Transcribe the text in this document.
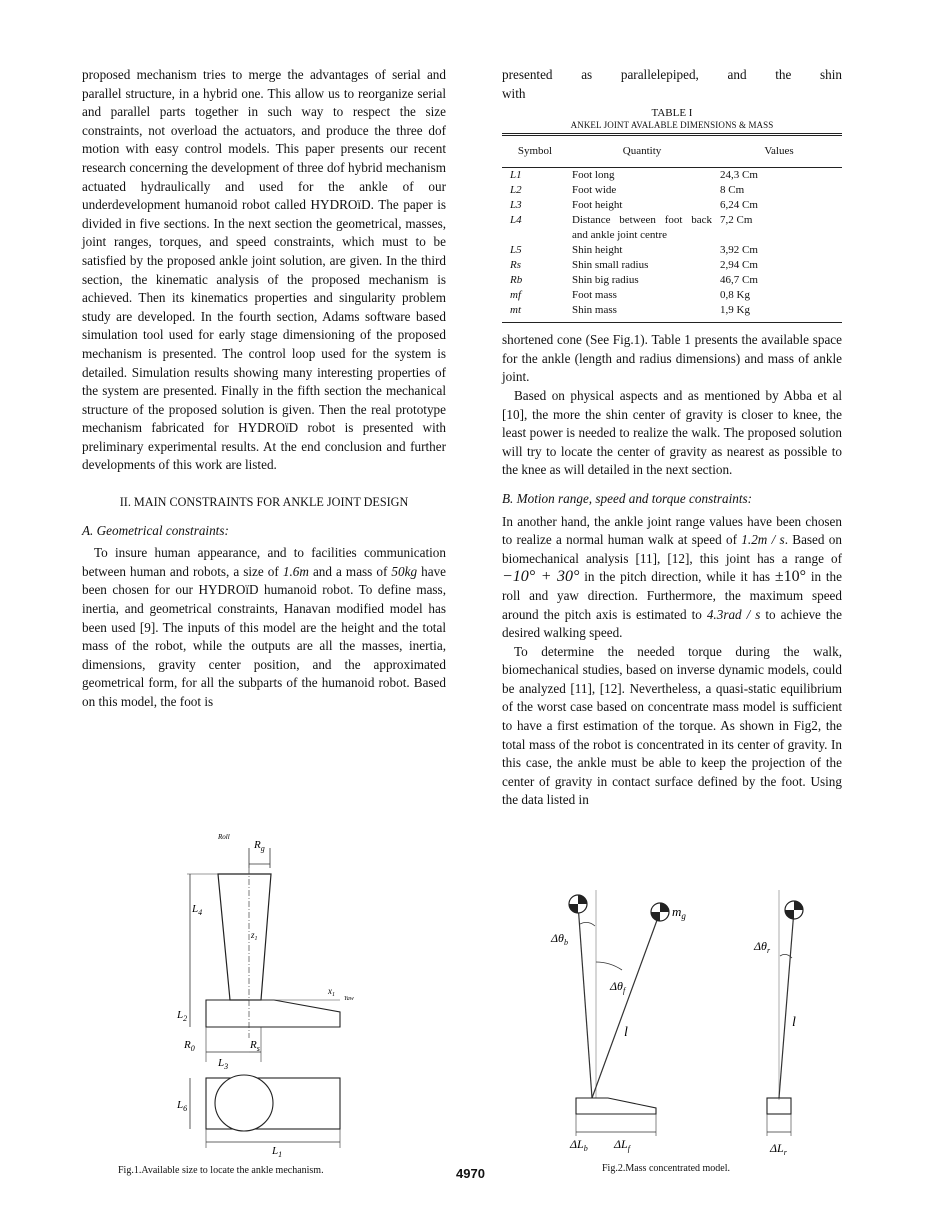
proposed mechanism tries to merge the advantages of serial and parallel structure, in a hybrid one. This allow us to reorganize serial and parallel parts together in such way to respect the size constraints, not overload the actuators, and produce the three dof motion with easy control models. This paper presents our recent research concerning the development of three dof hybrid mechanism actuated hydraulically and used for the ankle of our underdevelopment humanoid robot called HYDROïD. The paper is divided in five sections. In the next section the geometrical, masses, joint ranges, torques, and speed constraints, which must to be satisfied by the proposed ankle joint solution, are given. In the third section, the kinematic analysis of the proposed mechanism is achieved. Then its kinematics properties and singularity problem study are developed. In the fourth section, Adams software based simulation tool used for early stage dimensioning of the proposed mechanism is presented. The control loop used for the system is detailed. Simulation results showing many interesting properties of the system are presented. Finally in the fifth section the mechanical structure of the proposed solution is given. Then the real prototype mechanism fabricated for HYDROïD robot is presented with preliminary experimental results. At the end conclusion and further developments of this work are listed.

II. MAIN CONSTRAINTS FOR ANKLE JOINT DESIGN

A. Geometrical constraints:

To insure human appearance, and to facilities communication between human and robots, a size of 1.6m and a mass of 50kg have been chosen for our HYDROïD humanoid robot. To define mass, inertia, and geometrical constraints, Hanavan modified model has been used [9]. The inputs of this model are the height and the total mass of the robot, while the outputs are all the masses, inertia, dimensions, gravity center position, and the approximated geometrical form, for all the subparts of the humanoid robot. Based on this model, the foot is

presented as parallelepiped, and the shin with

TABLE I
ANKEL JOINT AVALABLE DIMENSIONS & MASS
Symbol	Quantity	Values
L1	Foot long	24,3 Cm
L2	Foot wide	8 Cm
L3	Foot height	6,24 Cm
L4	Distance between foot back and ankle joint centre	7,2 Cm
L5	Shin height	3,92 Cm
Rs	Shin small radius	2,94 Cm
Rb	Shin big radius	46,7 Cm
mf	Foot mass	0,8 Kg
mt	Shin mass	1,9 Kg

shortened cone (See Fig.1). Table 1 presents the available space for the ankle (length and radius dimensions) and mass of ankle joint.

Based on physical aspects and as mentioned by Abba et al [10], the more the shin center of gravity is closer to knee, the least power is needed to realize the walk. The proposed solution will try to locate the center of gravity as nearest as possible to the knee as will detailed in the next section.

B. Motion range, speed and torque constraints:

In another hand, the ankle joint range values have been chosen to realize a normal human walk at speed of 1.2m / s. Based on biomechanical analysis [11], [12], this joint has a range of −10° + 30° in the pitch direction, while it has ±10° in the roll and yaw direction. Furthermore, the maximum speed around the pitch axis is estimated to 4.3rad / s to achieve the desired walking speed.

To determine the needed torque during the walk, biomechanical studies, based on inverse dynamic models, could be analyzed [11], [12]. Nevertheless, a quasi-static equilibrium of the worst case based on concentrate mass model is sufficient to have a first estimation of the torque. As shown in Fig2, the total mass of the robot is concentrated in its center of gravity. In this case, the ankle must be able to keep the projection of the center of gravity in contact surface defined by the foot. Using the data listed in

Roll
$R_g$
$z_1$
$L_4$
$x_1$
Yaw
$L_2$
$R_0$
$L_3$
$R_s$
$L_6$
$L_1$
Fig.1.Available size to locate the ankle mechanism.
$m_g$
$\Delta\theta_b$
$\Delta\theta_f$
l
$\Delta L_b$ $\Delta L_f$
$\Delta\theta_r$
l
$\Delta L_r$
Fig.2.Mass concentrated model.
4970
